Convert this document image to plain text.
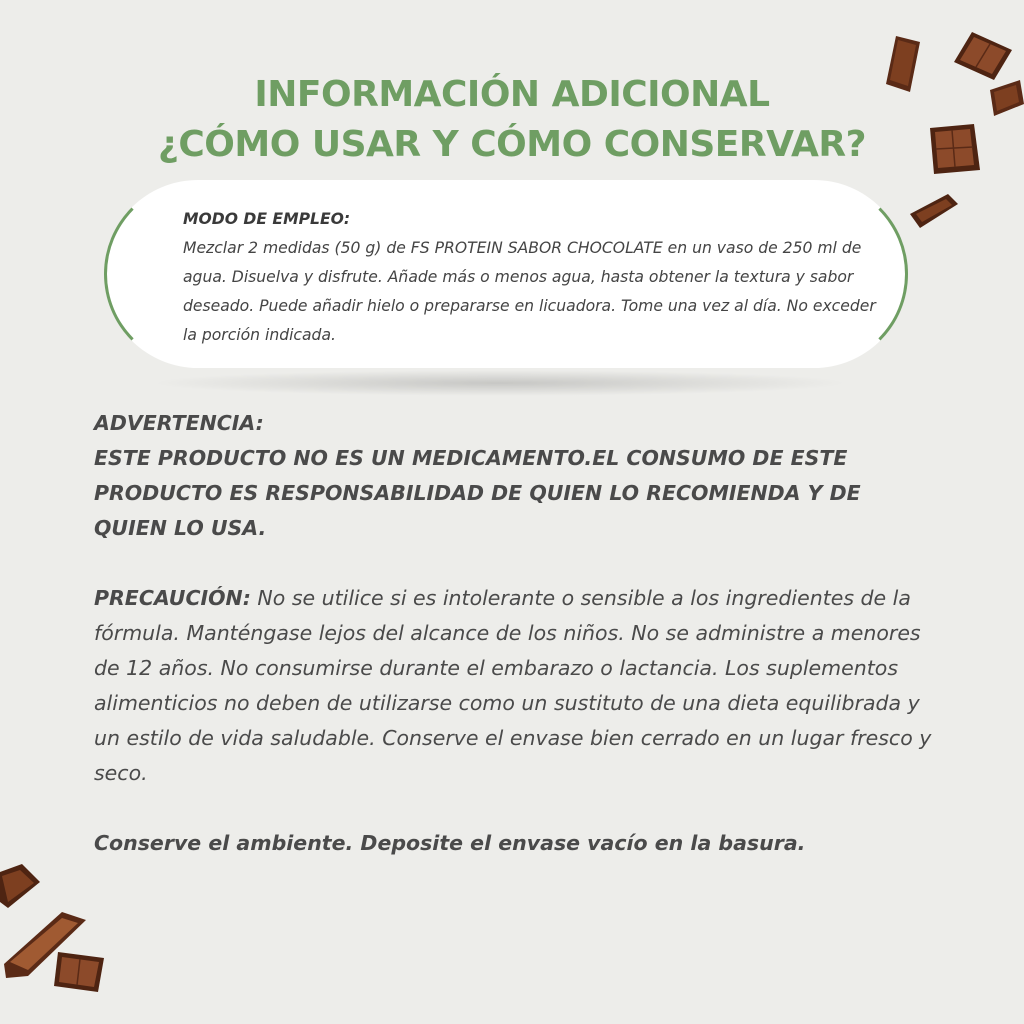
INFORMACIÓN ADICIONAL
¿CÓMO USAR Y CÓMO CONSERVAR?
MODO DE EMPLEO:
Mezclar 2 medidas (50 g) de FS PROTEIN SABOR CHOCOLATE en un vaso de 250 ml de agua. Disuelva y disfrute. Añade más o menos agua, hasta obtener la textura y sabor deseado. Puede añadir hielo o prepararse en licuadora. Tome una vez al día. No exceder la porción indicada.
ADVERTENCIA:
ESTE PRODUCTO NO ES UN MEDICAMENTO.EL CONSUMO DE ESTE PRODUCTO ES RESPONSABILIDAD DE QUIEN LO RECOMIENDA Y DE QUIEN LO USA.
PRECAUCIÓN: No se utilice si es intolerante o sensible a los ingredientes de la fórmula. Manténgase lejos del alcance de los niños. No se administre a menores de 12 años. No consumirse durante el embarazo o lactancia. Los suplementos alimenticios no deben de utilizarse como un sustituto de una dieta equilibrada y un estilo de vida saludable. Conserve el envase bien cerrado en un lugar fresco y seco.
Conserve el ambiente. Deposite el envase vacío en la basura.
